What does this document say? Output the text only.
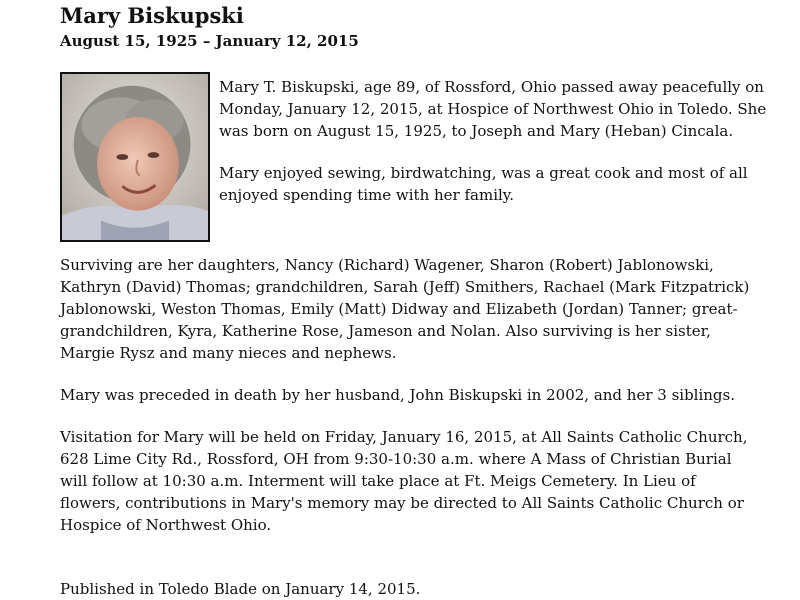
Mary Biskupski
August 15, 1925 – January 12, 2015

Mary T. Biskupski, age 89, of Rossford, Ohio passed away peacefully on Monday, January 12, 2015, at Hospice of Northwest Ohio in Toledo. She was born on August 15, 1925, to Joseph and Mary (Heban) Cincala.

Mary enjoyed sewing, birdwatching, was a great cook and most of all enjoyed spending time with her family.

Surviving are her daughters, Nancy (Richard) Wagener, Sharon (Robert) Jablonowski, Kathryn (David) Thomas; grandchildren, Sarah (Jeff) Smithers, Rachael (Mark Fitzpatrick) Jablonowski, Weston Thomas, Emily (Matt) Didway and Elizabeth (Jordan) Tanner; great-grandchildren, Kyra, Katherine Rose, Jameson and Nolan. Also surviving is her sister, Margie Rysz and many nieces and nephews.

Mary was preceded in death by her husband, John Biskupski in 2002, and her 3 siblings.

Visitation for Mary will be held on Friday, January 16, 2015, at All Saints Catholic Church, 628 Lime City Rd., Rossford, OH from 9:30-10:30 a.m. where A Mass of Christian Burial will follow at 10:30 a.m. Interment will take place at Ft. Meigs Cemetery. In Lieu of flowers, contributions in Mary's memory may be directed to All Saints Catholic Church or Hospice of Northwest Ohio.

Published in Toledo Blade on January 14, 2015.
